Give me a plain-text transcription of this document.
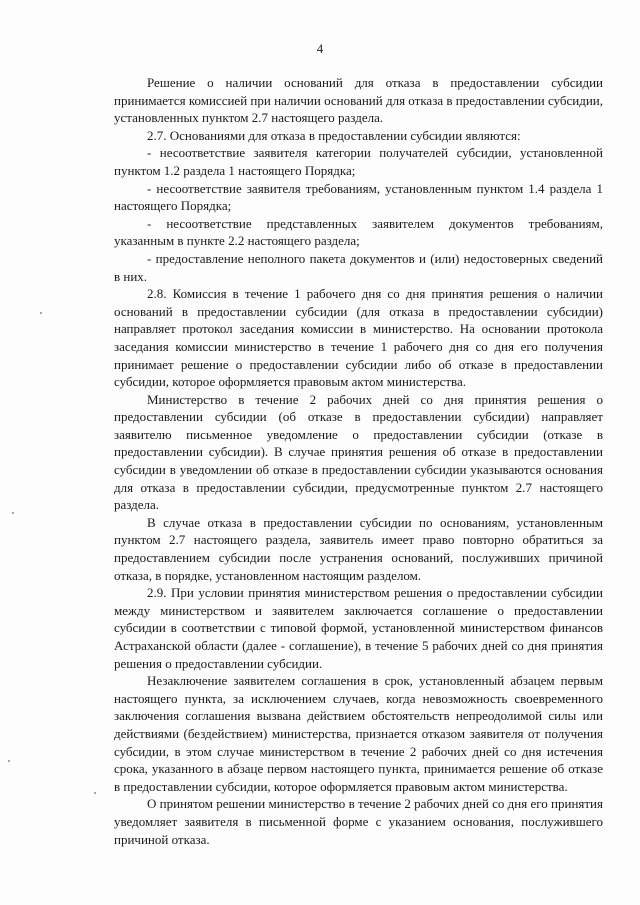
4

Решение о наличии оснований для отказа в предоставлении субсидии принимается комиссией при наличии оснований для отказа в предоставлении субсидии, установленных пунктом 2.7 настоящего раздела.

2.7. Основаниями для отказа в предоставлении субсидии являются:

- несоответствие заявителя категории получателей субсидии, установленной пунктом 1.2 раздела 1 настоящего Порядка;

- несоответствие заявителя требованиям, установленным пунктом 1.4 раздела 1 настоящего Порядка;

- несоответствие представленных заявителем документов требованиям, указанным в пункте 2.2 настоящего раздела;

- предоставление неполного пакета документов и (или) недостоверных сведений в них.

2.8. Комиссия в течение 1 рабочего дня со дня принятия решения о наличии оснований в предоставлении субсидии (для отказа в предоставлении субсидии) направляет протокол заседания комиссии в министерство. На основании протокола заседания комиссии министерство в течение 1 рабочего дня со дня его получения принимает решение о предоставлении субсидии либо об отказе в предоставлении субсидии, которое оформляется правовым актом министерства.

Министерство в течение 2 рабочих дней со дня принятия решения о предоставлении субсидии (об отказе в предоставлении субсидии) направляет заявителю письменное уведомление о предоставлении субсидии (отказе в предоставлении субсидии). В случае принятия решения об отказе в предоставлении субсидии в уведомлении об отказе в предоставлении субсидии указываются основания для отказа в предоставлении субсидии, предусмотренные пунктом 2.7 настоящего раздела.

В случае отказа в предоставлении субсидии по основаниям, установленным пунктом 2.7 настоящего раздела, заявитель имеет право повторно обратиться за предоставлением субсидии после устранения оснований, послуживших причиной отказа, в порядке, установленном настоящим разделом.

2.9. При условии принятия министерством решения о предоставлении субсидии между министерством и заявителем заключается соглашение о предоставлении субсидии в соответствии с типовой формой, установленной министерством финансов Астраханской области (далее - соглашение), в течение 5 рабочих дней со дня принятия решения о предоставлении субсидии.

Незаключение заявителем соглашения в срок, установленный абзацем первым настоящего пункта, за исключением случаев, когда невозможность своевременного заключения соглашения вызвана действием обстоятельств непреодолимой силы или действиями (бездействием) министерства, признается отказом заявителя от получения субсидии, в этом случае министерством в течение 2 рабочих дней со дня истечения срока, указанного в абзаце первом настоящего пункта, принимается решение об отказе в предоставлении субсидии, которое оформляется правовым актом министерства.

О принятом решении министерство в течение 2 рабочих дней со дня его принятия уведомляет заявителя в письменной форме с указанием основания, послужившего причиной отказа.
